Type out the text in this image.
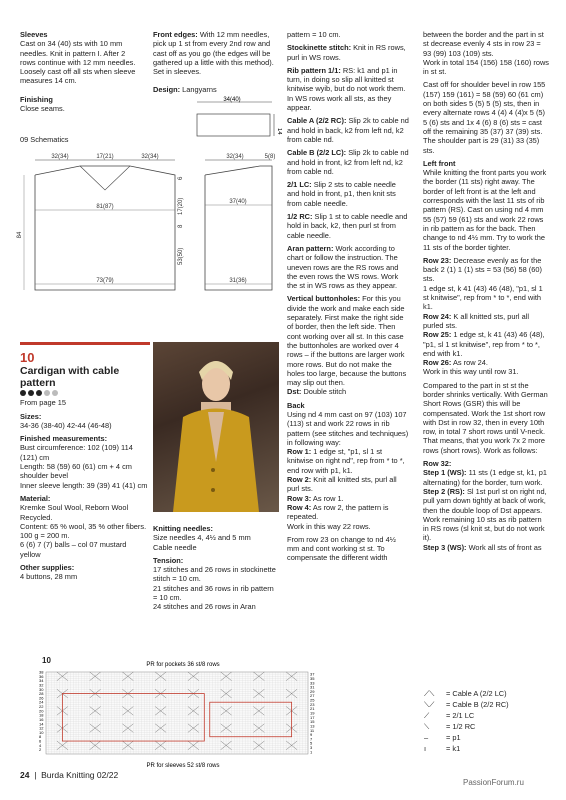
Sleeves

Cast on 34 (40) sts with 10 mm needles. Knit in pattern I. After 2 rows continue with 12 mm needles. Loosely cast off all sts when sleeve measures 14 cm.

Finishing

Close seams.

09 Schematics

Front edges: With 12 mm needles, pick up 1 st from every 2nd row and cast off as you go (the edges will be gathered up a little with this method). Set in sleeves.

Design: Langyarns

34(40)
14
32(34)	17(21)	32(34)
81(87)
73(79)
84
6
17(20)
8
53(50)
32(34)	5(8)
37(40)
31(36)

10

Cardigan with cable pattern

From page 15

Sizes:

34-36 (38-40) 42-44 (46-48)

Finished measurements:

Bust circumference: 102 (109) 114 (121) cm

Length: 58 (59) 60 (61) cm + 4 cm shoulder bevel

Inner sleeve length: 39 (39) 41 (41) cm

Material:

Kremke Soul Wool, Reborn Wool Recycled.

Content: 65 % wool, 35 % other fibers. 100 g = 200 m.

6 (6) 7 (7) balls – col 07 mustard yellow

Other supplies:

4 buttons, 28 mm

Knitting needles:

Size needles 4, 4½ and 5 mm

Cable needle

Tension:

17 stitches and 26 rows in stockinette stitch = 10 cm.

21 stitches and 36 rows in rib pattern = 10 cm.

24 stitches and 26 rows in Aran

pattern = 10 cm.

Stockinette stitch: Knit in RS rows, purl in WS rows.

Rib pattern 1/1: RS: k1 and p1 in turn, in doing so slip all knitted st knitwise wyib, but do not work them. In WS rows work all sts, as they appear.

Cable A (2/2 RC): Slip 2k to cable nd and hold in back, k2 from left nd, k2 from cable nd.

Cable B (2/2 LC): Slip 2k to cable nd and hold in front, k2 from left nd, k2 from cable nd.

2/1 LC: Slip 2 sts to cable needle and hold in front, p1, then knit sts from cable needle.

1/2 RC: Slip 1 st to cable needle and hold in back, k2, then purl st from cable needle.

Aran pattern: Work according to chart or follow the instruction. The uneven rows are the RS rows and the even rows the WS rows. Work the st in WS rows as they appear.

Vertical buttonholes: For this you divide the work and make each side separately. First make the right side of border, then the left side. Then cont working over all st. In this case the buttonholes are worked over 4 rows – if the buttons are larger work more rows. But do not make the holes too large, because the buttons may slip out then.

Dst: Double stitch

Back

Using nd 4 mm cast on 97 (103) 107 (113) st and work 22 rows in rib pattern (see stitches and techniques) in following way:

Row 1: 1 edge st, "p1, sl 1 st knitwise on right nd", rep from * to *, end row with p1, k1.

Row 2: Knit all knitted sts, purl all purl sts.

Row 3: As row 1.

Row 4: As row 2, the pattern is repeated.

Work in this way 22 rows.

From row 23 on change to nd 4½ mm and cont working st st. To compensate the different width

between the border and the part in st st decrease evenly 4 sts in row 23 = 93 (99) 103 (109) sts.

Work in total 154 (156) 158 (160) rows in st st.

Cast off for shoulder bevel in row 155 (157) 159 (161) = 58 (59) 60 (61 cm) on both sides 5 (5) 5 (5) sts, then in every alternate rows 4 (4) 4 (4)x 5 (5) 5 (6) sts and 1x 4 (6) 8 (6) sts = cast off the remaining 35 (37) 37 (39) sts.

The shoulder part is 29 (31) 33 (35) sts.

Left front

While knitting the front parts you work the border (11 sts) right away. The border of left front is at the left and corresponds with the last 11 sts of rib pattern (RS). Cast on using nd 4 mm 55 (57) 59 (61) sts and work 22 rows in rib pattern as for the back. Then change to nd 4½ mm. Try to work the 11 sts of the border tighter.

Row 23: Decrease evenly as for the back 2 (1) 1 (1) sts = 53 (56) 58 (60) sts.

1 edge st, k 41 (43) 46 (48), "p1, sl 1 st knitwise", rep from * to *, end with k1.

Row 24: K all knitted sts, purl all purled sts.

Row 25: 1 edge st, k 41 (43) 46 (48), "p1, sl 1 st knitwise", rep from * to *, end with k1.

Row 26: As row 24.

Work in this way until row 31.

Compared to the part in st st the border shrinks vertically. With German Short Rows (GSR) this will be compensated. Work the 1st short row with Dst in row 32, then in every 10th row, in total 7 short rows until V-neck. That means, that you work 7x 2 more rows (short rows). Work as follows:

Row 32:

Step 1 (WS): 11 sts (1 edge st, k1, p1 alternating) for the border, turn work.

Step 2 (RS): Sl 1st purl st on right nd, pull yarn down tightly at back of work, then the double loop of Dst appears. Work remaining 10 sts as rib pattern in RS rows (sl knit st, but do not work it).

Step 3 (WS): Work all sts of front as

10	PR for pockets 36 st/8 rows
PR for sleeves 52 st/8 rows
37
35
33
31
29
27
25
23
21
19
17
15
13
11
9
7
5
3
1
38
36
34
32
30
28
26
24
22
20
18
16
14
12
10
8
6
4
2
⟋⟍ = Cable A (2/2 LC)
⟍⟋ = Cable B (2/2 RC)
⟋ = 2/1 LC
⟍ = 1/2 RC
– = p1
ı	= k1
24  |  Burda Knitting 02/22
PassionForum.ru
